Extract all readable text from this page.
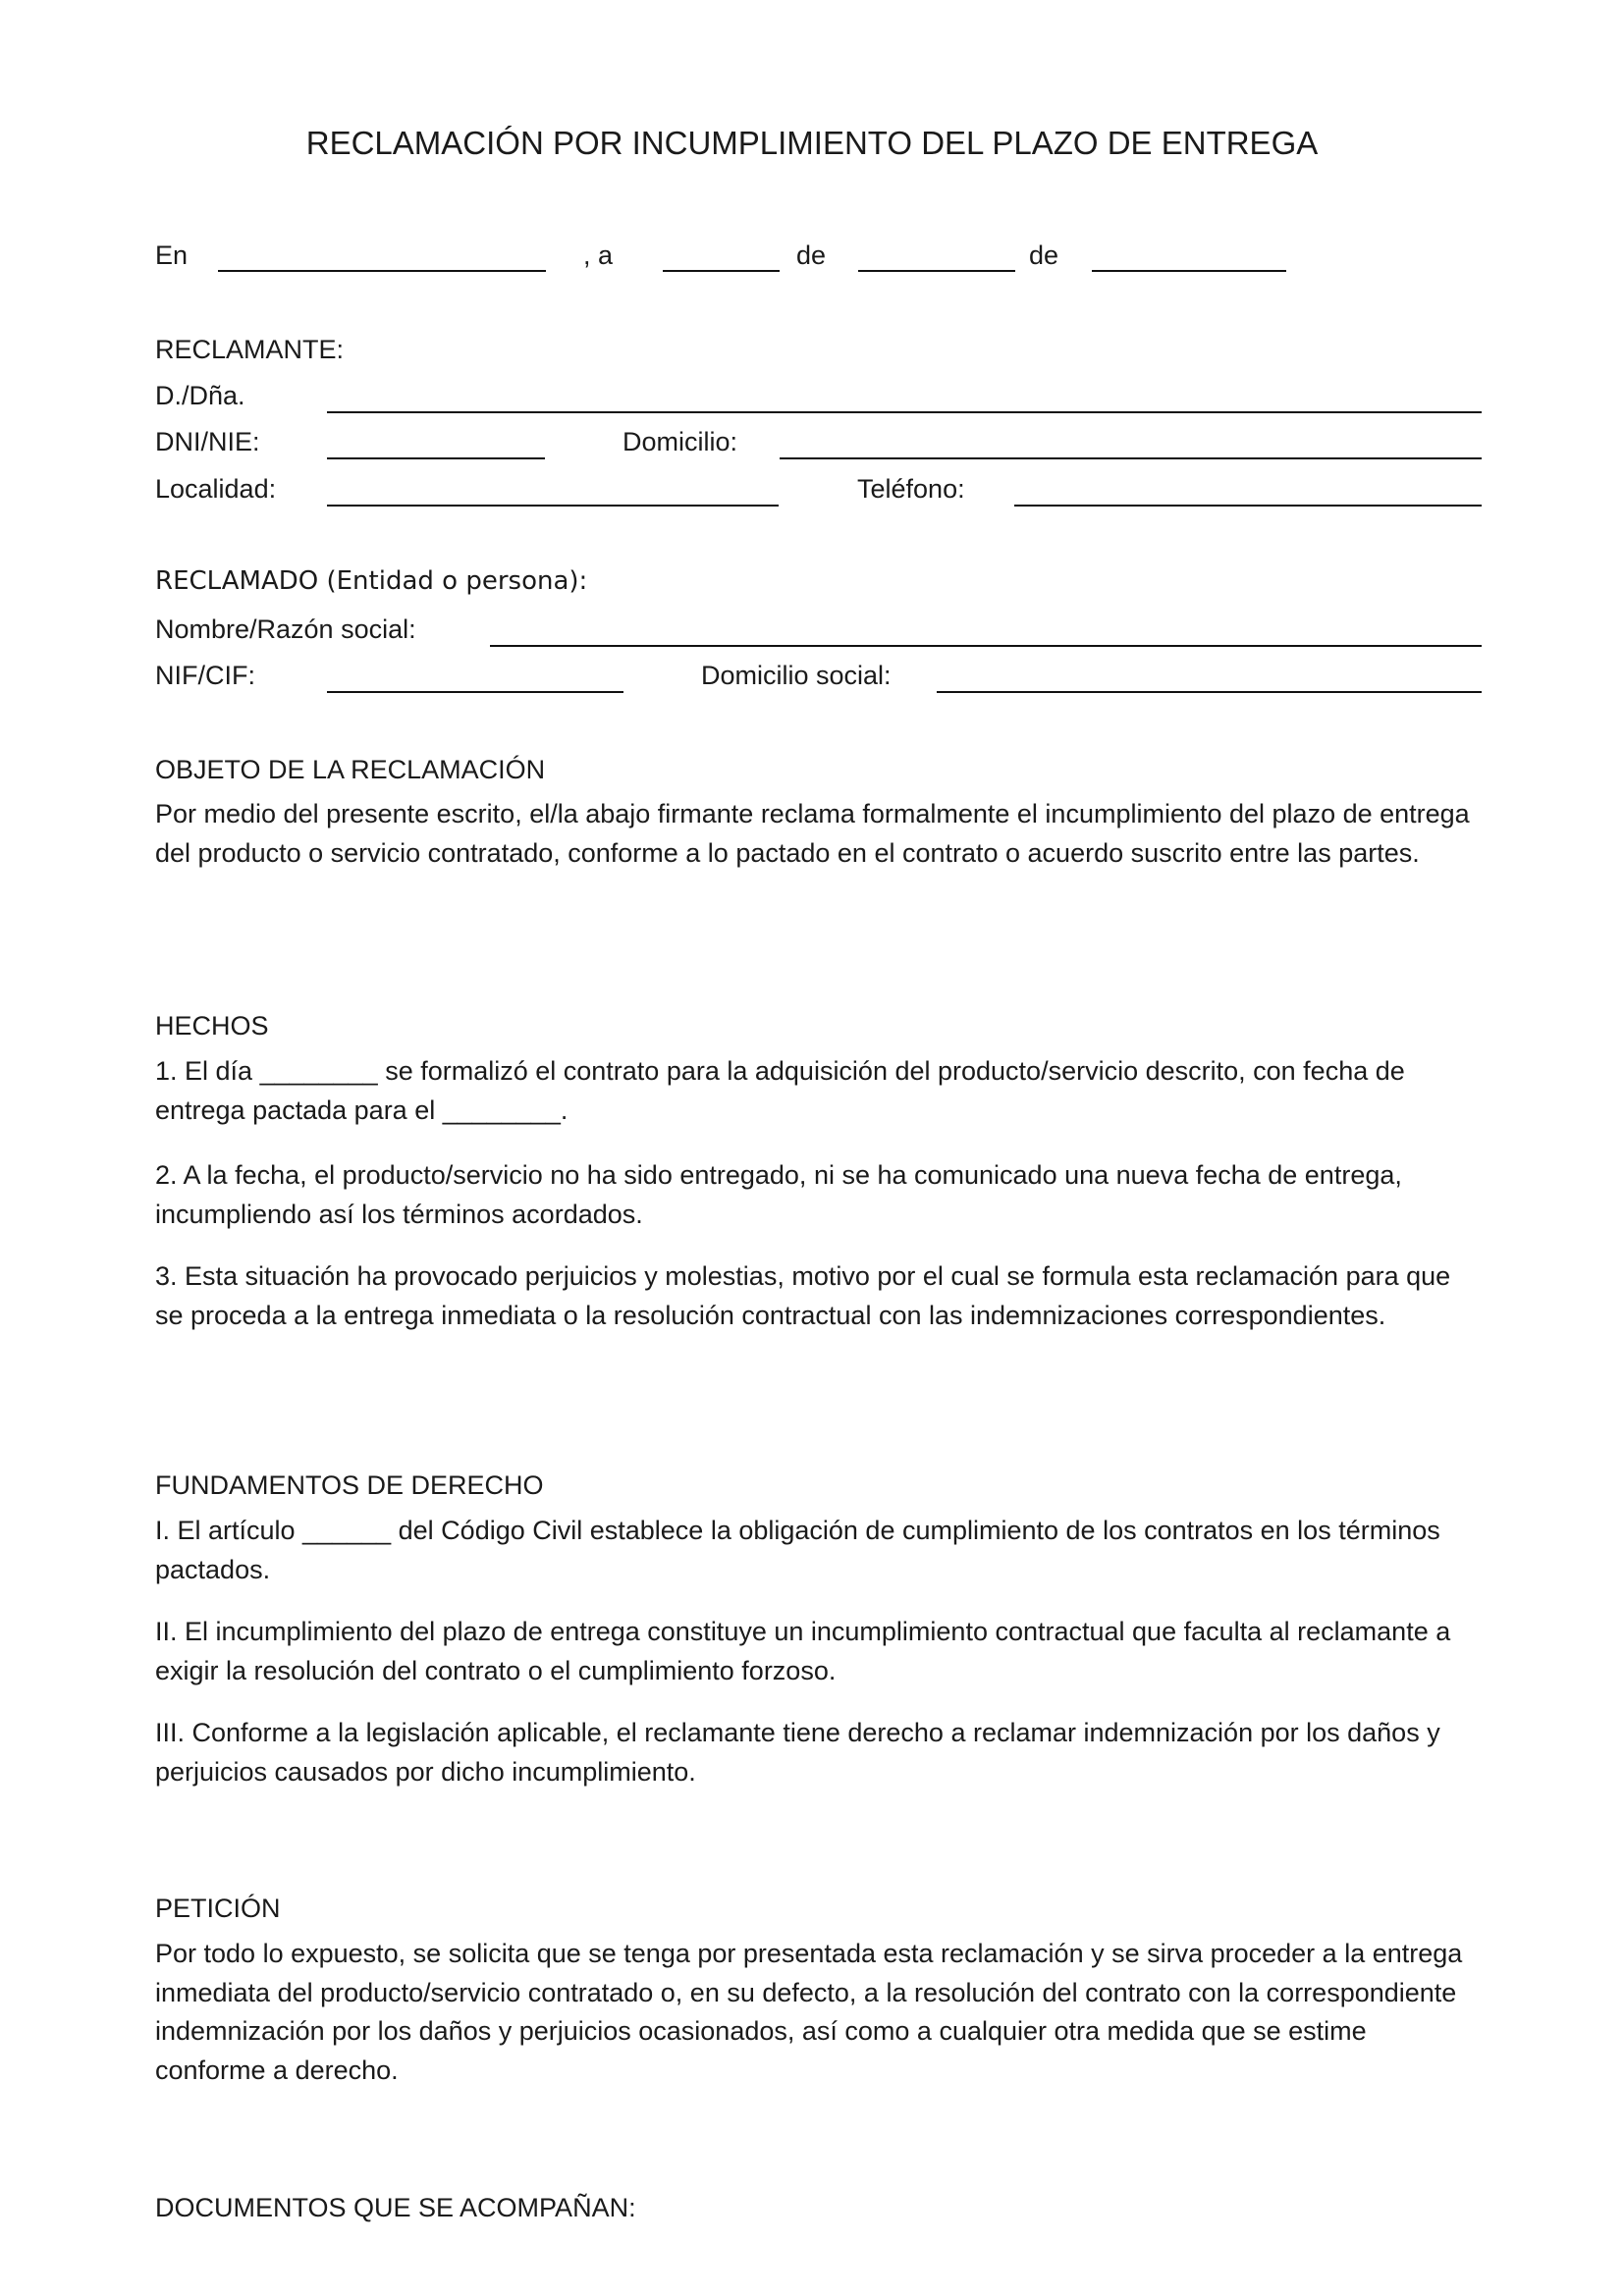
RECLAMACIÓN POR INCUMPLIMIENTO DEL PLAZO DE ENTREGA
En	, a	de	de
RECLAMANTE:
D./Dña.
DNI/NIE:	Domicilio:
Localidad:	Teléfono:
RECLAMADO (Entidad o persona):
Nombre/Razón social:
NIF/CIF:	Domicilio social:
OBJETO DE LA RECLAMACIÓN
Por medio del presente escrito, el/la abajo firmante reclama formalmente el incumplimiento del plazo de entrega del producto o servicio contratado, conforme a lo pactado en el contrato o acuerdo suscrito entre las partes.
HECHOS
1. El día ________ se formalizó el contrato para la adquisición del producto/servicio descrito, con fecha de entrega pactada para el ________.
2. A la fecha, el producto/servicio no ha sido entregado, ni se ha comunicado una nueva fecha de entrega, incumpliendo así los términos acordados.
3. Esta situación ha provocado perjuicios y molestias, motivo por el cual se formula esta reclamación para que se proceda a la entrega inmediata o la resolución contractual con las indemnizaciones correspondientes.
FUNDAMENTOS DE DERECHO
I. El artículo ______ del Código Civil establece la obligación de cumplimiento de los contratos en los términos pactados.
II. El incumplimiento del plazo de entrega constituye un incumplimiento contractual que faculta al reclamante a exigir la resolución del contrato o el cumplimiento forzoso.
III. Conforme a la legislación aplicable, el reclamante tiene derecho a reclamar indemnización por los daños y perjuicios causados por dicho incumplimiento.
PETICIÓN
Por todo lo expuesto, se solicita que se tenga por presentada esta reclamación y se sirva proceder a la entrega inmediata del producto/servicio contratado o, en su defecto, a la resolución del contrato con la correspondiente indemnización por los daños y perjuicios ocasionados, así como a cualquier otra medida que se estime conforme a derecho.
DOCUMENTOS QUE SE ACOMPAÑAN:
